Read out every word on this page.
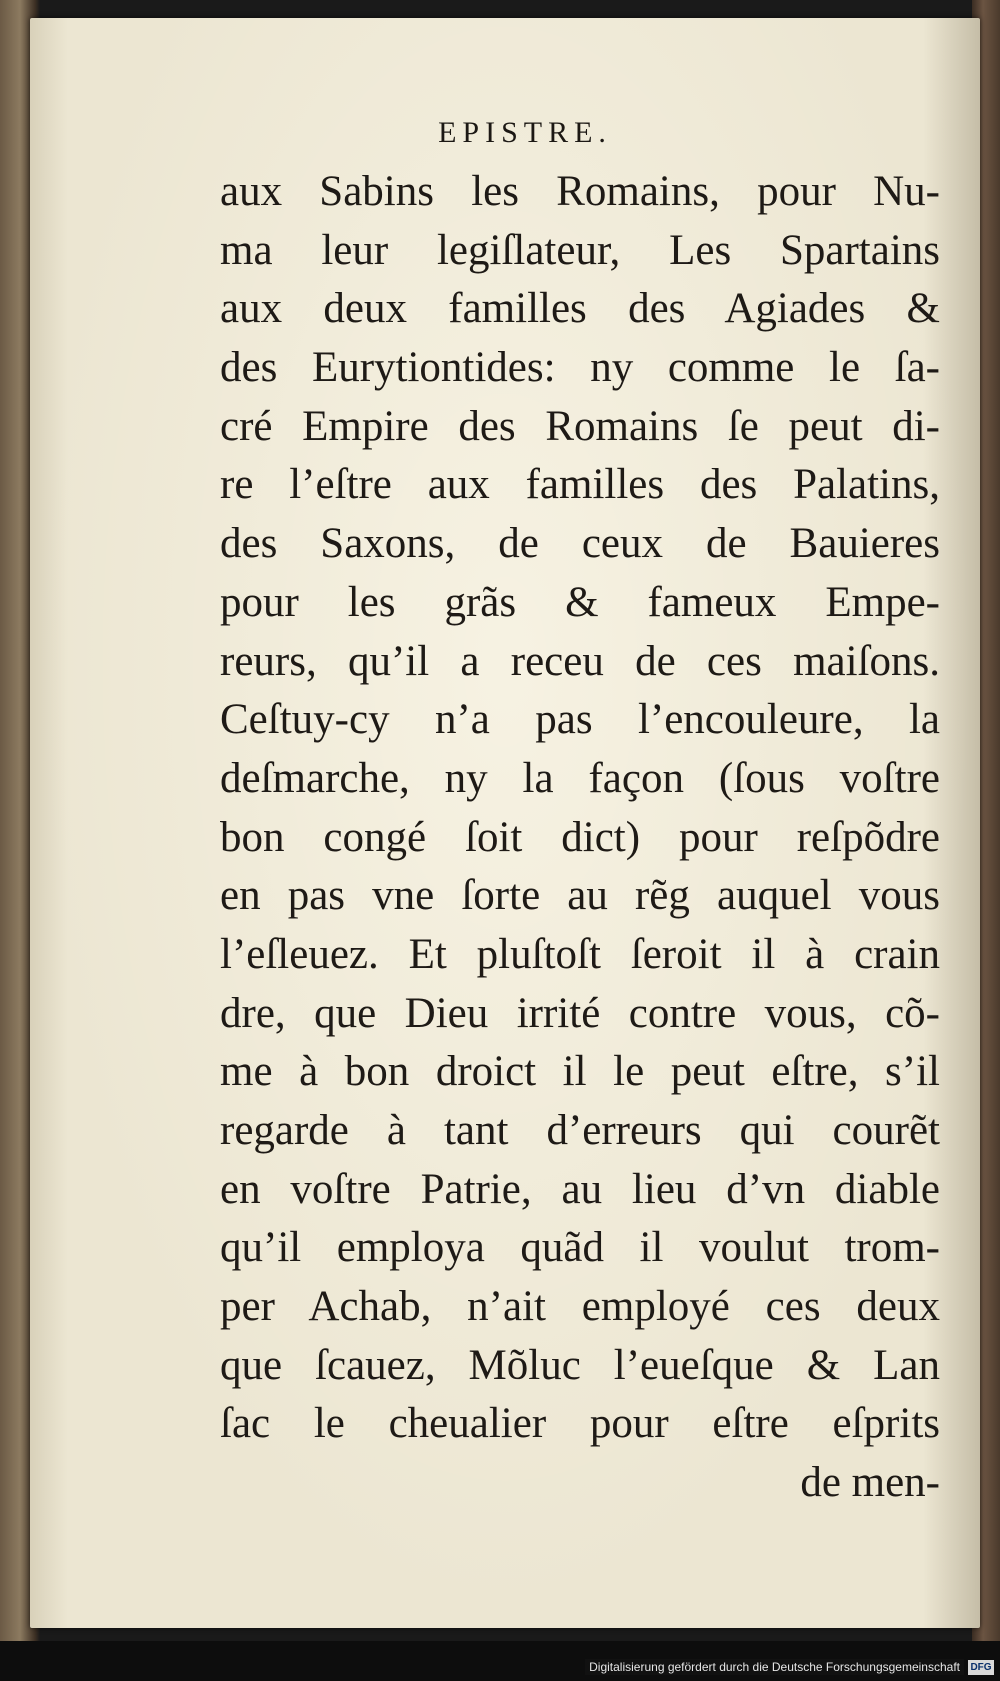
EPISTRE.
aux Sabins les Romains, pour Nu-
ma leur legiſlateur, Les Spartains
aux deux familles des Agiades &
des Eurytiontides: ny comme le ſa-
cré Empire des Romains ſe peut di-
re l’eſtre aux familles des Palatins,
des Saxons, de ceux de Bauieres
pour les grãs & fameux Empe-
reurs, qu’il a receu de ces maiſons.
Ceſtuy-cy n’a pas l’encouleure, la
deſmarche, ny la façon (ſous voſtre
bon congé ſoit dict) pour reſpõdre
en pas vne ſorte au rẽg auquel vous
l’eſleuez. Et pluſtoſt ſeroit il à crain
dre, que Dieu irrité contre vous, cõ-
me à bon droict il le peut eſtre, s’il
regarde à tant d’erreurs qui courẽt
en voſtre Patrie, au lieu d’vn diable
qu’il employa quãd il voulut trom-
per Achab, n’ait employé ces deux
que ſcauez, Mõluc l’eueſque & Lan
ſac le cheualier pour eſtre eſprits
de men-
Digitalisierung gefördert durch die Deutsche Forschungsgemeinschaft	DFG
